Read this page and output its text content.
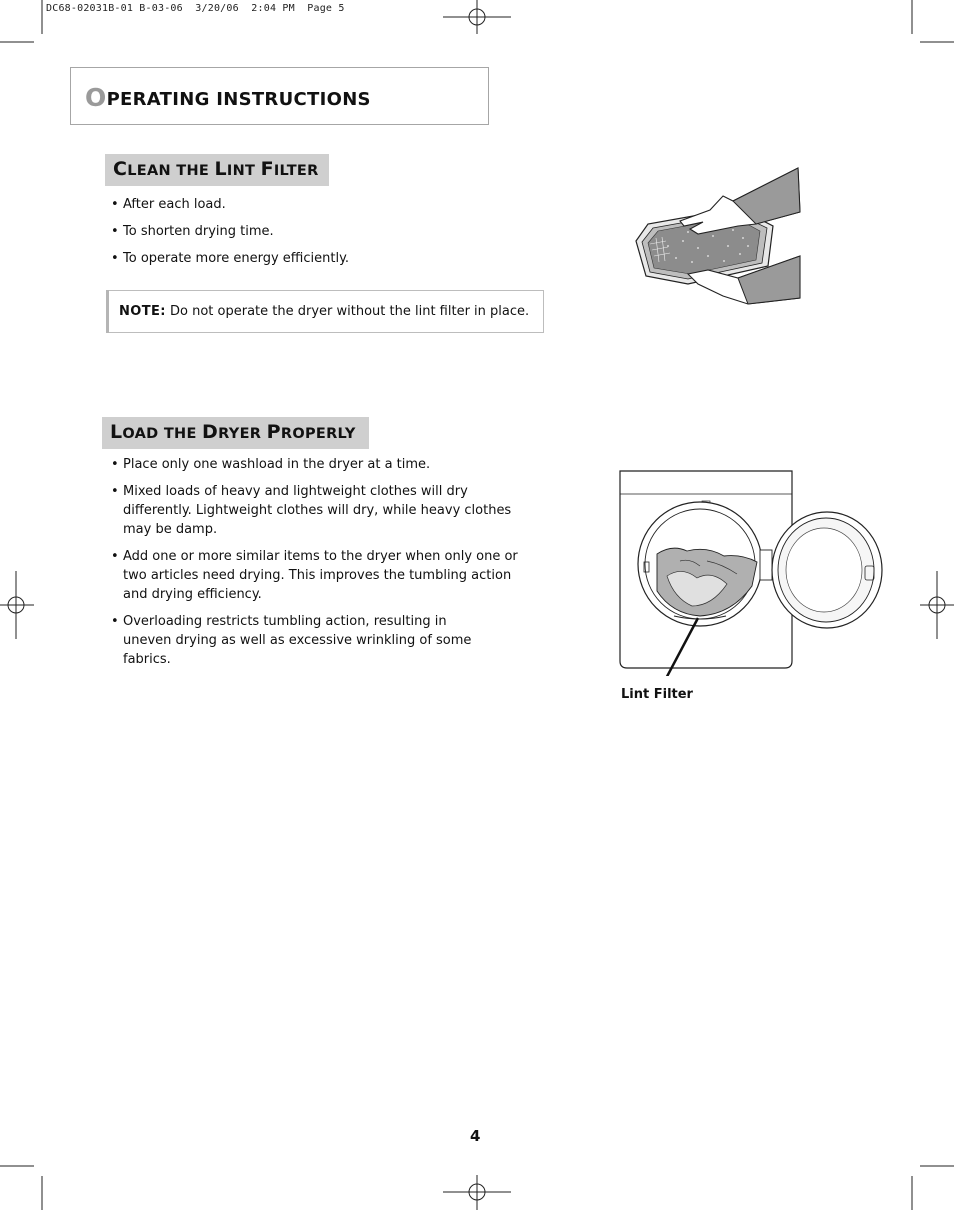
DC68-02031B-01 B-03-06  3/20/06  2:04 PM  Page 5
OPERATING INSTRUCTIONS
CLEAN THE LINT FILTER
• After each load.
• To shorten drying time.
• To operate more energy efficiently.
NOTE: Do not operate the dryer without the lint filter in place.
LOAD THE DRYER PROPERLY
• Place only one washload in the dryer at a time.
• Mixed loads of heavy and lightweight clothes will dry differently. Lightweight clothes will dry, while heavy clothes may be damp.
• Add one or more similar items to the dryer when only one or two articles need drying. This improves the tumbling action and drying efficiency.
• Overloading restricts tumbling action, resulting in uneven drying as well as excessive wrinkling of some fabrics.
Lint Filter
4
